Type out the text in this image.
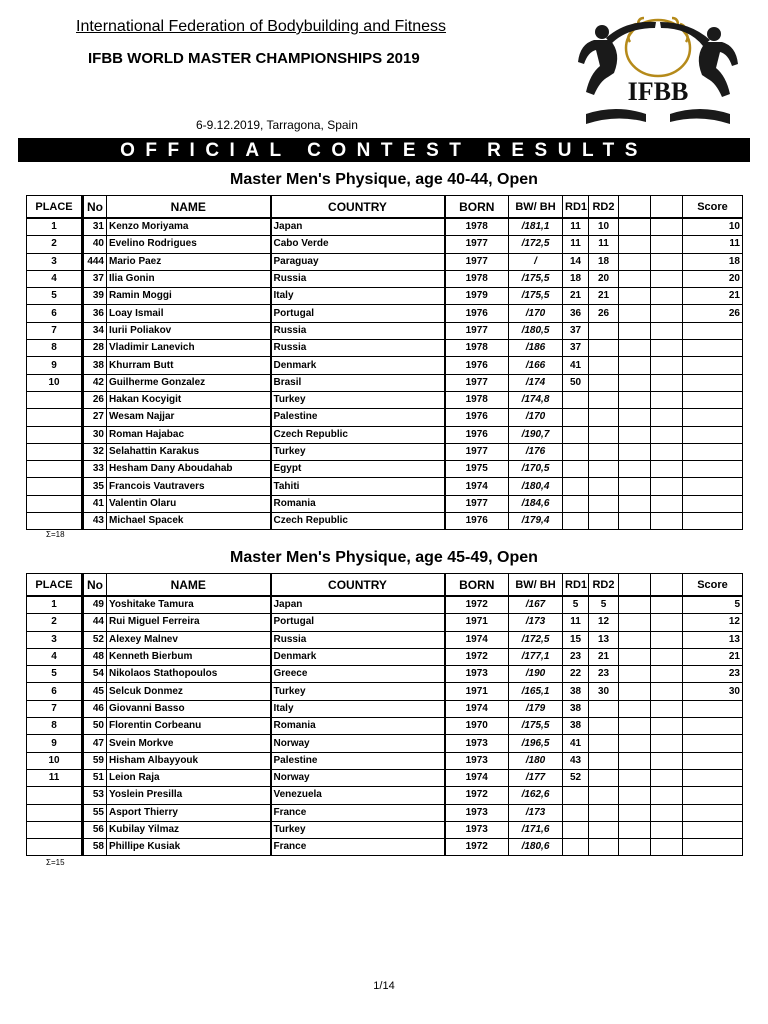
International Federation of Bodybuilding and Fitness
IFBB WORLD MASTER CHAMPIONSHIPS 2019
6-9.12.2019, Tarragona, Spain
IFBB
OFFICIAL CONTEST RESULTS
Master Men's Physique, age 40-44, Open
PLACE	No	NAME	COUNTRY	BORN	BW/ BH	RD1	RD2			Score
1	31	Kenzo Moriyama	Japan	1978	/181,1	11	10			10
2	40	Evelino Rodrigues	Cabo Verde	1977	/172,5	11	11			11
3	444	Mario Paez	Paraguay	1977	/	14	18			18
4	37	Ilia Gonin	Russia	1978	/175,5	18	20			20
5	39	Ramin Moggi	Italy	1979	/175,5	21	21			21
6	36	Loay Ismail	Portugal	1976	/170	36	26			26
7	34	Iurii Poliakov	Russia	1977	/180,5	37				
8	28	Vladimir Lanevich	Russia	1978	/186	37				
9	38	Khurram Butt	Denmark	1976	/166	41				
10	42	Guilherme Gonzalez	Brasil	1977	/174	50				
	26	Hakan Kocyigit	Turkey	1978	/174,8					
	27	Wesam Najjar	Palestine	1976	/170					
	30	Roman Hajabac	Czech Republic	1976	/190,7					
	32	Selahattin Karakus	Turkey	1977	/176					
	33	Hesham Dany Aboudahab	Egypt	1975	/170,5					
	35	Francois Vautravers	Tahiti	1974	/180,4					
	41	Valentin Olaru	Romania	1977	/184,6					
	43	Michael Spacek	Czech Republic	1976	/179,4					
Σ=18
Master Men's Physique, age 45-49, Open
PLACE	No	NAME	COUNTRY	BORN	BW/ BH	RD1	RD2			Score
1	49	Yoshitake Tamura	Japan	1972	/167	5	5			5
2	44	Rui Miguel Ferreira	Portugal	1971	/173	11	12			12
3	52	Alexey Malnev	Russia	1974	/172,5	15	13			13
4	48	Kenneth Bierbum	Denmark	1972	/177,1	23	21			21
5	54	Nikolaos Stathopoulos	Greece	1973	/190	22	23			23
6	45	Selcuk Donmez	Turkey	1971	/165,1	38	30			30
7	46	Giovanni Basso	Italy	1974	/179	38				
8	50	Florentin Corbeanu	Romania	1970	/175,5	38				
9	47	Svein Morkve	Norway	1973	/196,5	41				
10	59	Hisham Albayyouk	Palestine	1973	/180	43				
11	51	Leion Raja	Norway	1974	/177	52				
	53	Yoslein Presilla	Venezuela	1972	/162,6					
	55	Asport Thierry	France	1973	/173					
	56	Kubilay Yilmaz	Turkey	1973	/171,6					
	58	Phillipe Kusiak	France	1972	/180,6					
Σ=15
1/14
